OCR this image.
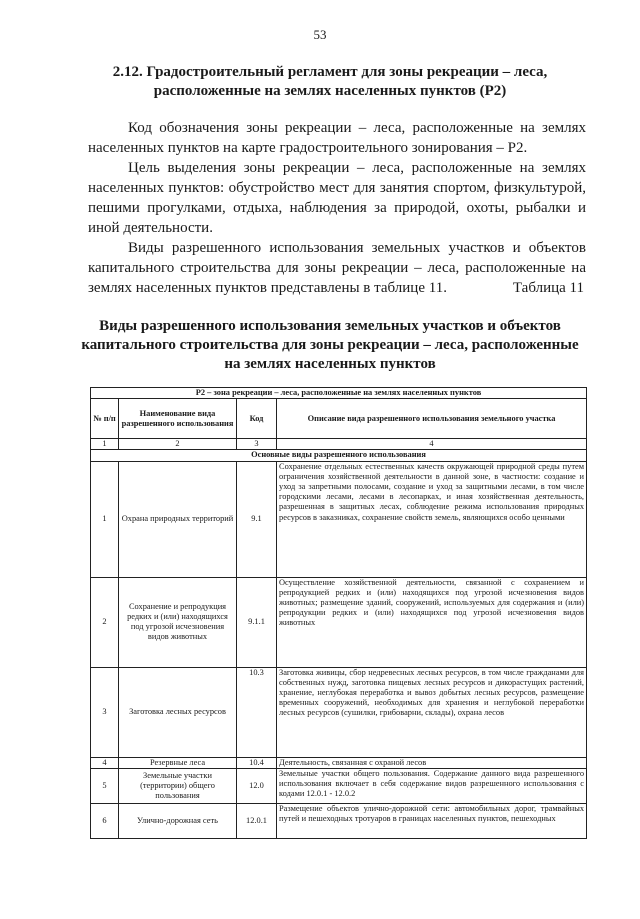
53
2.12. Градостроительный регламент для зоны рекреации – леса, расположенные на землях населенных пунктов (Р2)

Код обозначения зоны рекреации – леса, расположенные на землях населенных пунктов на карте градостроительного зонирования – Р2.

Цель выделения зоны рекреации – леса, расположенные на землях населенных пунктов: обустройство мест для занятия спортом, физкультурой, пешими прогулками, отдыха, наблюдения за природой, охоты, рыбалки и иной деятельности.

Виды разрешенного использования земельных участков и объектов капитального строительства для зоны рекреации – леса, расположенные на землях населенных пунктов представлены в таблице 11.	Таблица 11
Виды разрешенного использования земельных участков и объектов капитального строительства для зоны рекреации – леса, расположенные на землях населенных пунктов
Р2 – зона рекреации – леса, расположенные на землях населенных пунктов			
№ п/п	Наименование вида разрешенного использования	Код	Описание вида разрешенного использования земельного участка
1	2	3	4
Основные виды разрешенного использования			
1	Охрана природных территорий	9.1	Сохранение отдельных естественных качеств окружающей природной среды путем ограничения хозяйственной деятельности в данной зоне, в частности: создание и уход за запретными полосами, создание и уход за защитными лесами, в том числе городскими лесами, лесами в лесопарках, и иная хозяйственная деятельность, разрешенная в защитных лесах, соблюдение режима использования природных ресурсов в заказниках, сохранение свойств земель, являющихся особо ценными
2	Сохранение и репродукция редких и (или) находящихся под угрозой исчезновения видов животных	9.1.1	Осуществление хозяйственной деятельности, связанной с сохранением и репродукцией редких и (или) находящихся под угрозой исчезновения видов животных; размещение зданий, сооружений, используемых для содержания и (или) репродукции редких и (или) находящихся под угрозой исчезновения видов животных
3	Заготовка лесных ресурсов	10.3	Заготовка живицы, сбор недревесных лесных ресурсов, в том числе гражданами для собственных нужд, заготовка пищевых лесных ресурсов и дикорастущих растений, хранение, неглубокая переработка и вывоз добытых лесных ресурсов, размещение временных сооружений, необходимых для хранения и неглубокой переработки лесных ресурсов (сушилки, грибоварни, склады), охрана лесов
4	Резервные леса	10.4	Деятельность, связанная с охраной лесов
5	Земельные участки (территории) общего пользования	12.0	Земельные участки общего пользования. Содержание данного вида разрешенного использования включает в себя содержание видов разрешенного использования с кодами 12.0.1 - 12.0.2
6	Улично-дорожная сеть	12.0.1	Размещение объектов улично-дорожной сети: автомобильных дорог, трамвайных путей и пешеходных тротуаров в границах населенных пунктов, пешеходных
